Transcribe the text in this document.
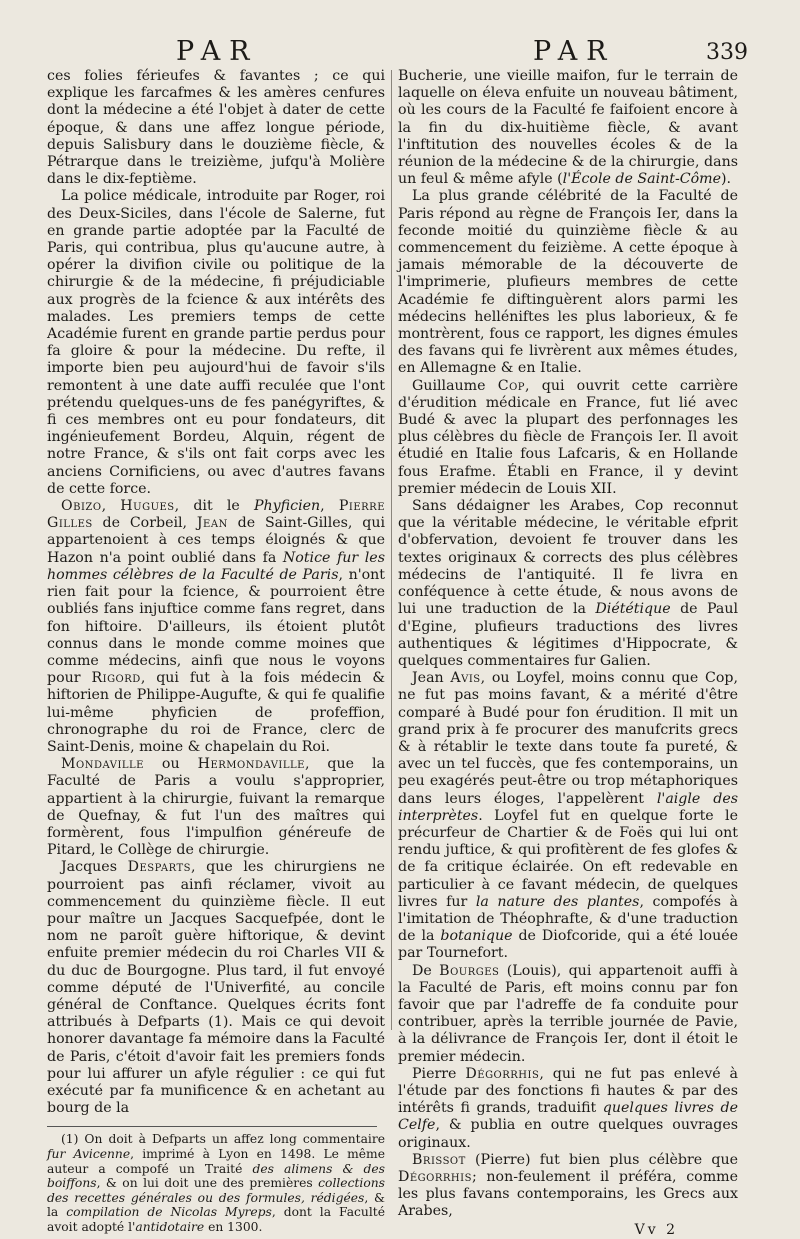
PAR	PAR	339

ces folies férieufes & favantes ; ce qui explique les farcafmes & les amères cenfures dont la médecine a été l'objet à dater de cette époque, & dans une affez longue période, depuis Salisbury dans le douzième fiècle, & Pétrarque dans le treizième, jufqu'à Molière dans le dix-feptième.

La police médicale, introduite par Roger, roi des Deux-Siciles, dans l'école de Salerne, fut en grande partie adoptée par la Faculté de Paris, qui contribua, plus qu'aucune autre, à opérer la divifion civile ou politique de la chirurgie & de la médecine, fi préjudiciable aux progrès de la fcience & aux intérêts des malades. Les premiers temps de cette Académie furent en grande partie perdus pour fa gloire & pour la médecine. Du refte, il importe bien peu aujourd'hui de favoir s'ils remontent à une date auffi reculée que l'ont prétendu quelques-uns de fes panégyriftes, & fi ces membres ont eu pour fondateurs, dit ingénieufement Bordeu, Alquin, régent de notre France, & s'ils ont fait corps avec les anciens Cornificiens, ou avec d'autres favans de cette force.

Obizo, Hugues, dit le Phyficien, Pierre Gilles de Corbeil, Jean de Saint-Gilles, qui appartenoient à ces temps éloignés & que Hazon n'a point oublié dans fa Notice fur les hommes célèbres de la Faculté de Paris, n'ont rien fait pour la fcience, & pourroient être oubliés fans injuftice comme fans regret, dans fon hiftoire. D'ailleurs, ils étoient plutôt connus dans le monde comme moines que comme médecins, ainfi que nous le voyons pour Rigord, qui fut à la fois médecin & hiftorien de Philippe-Augufte, & qui fe qualifie lui-même phyficien de profeffion, chronographe du roi de France, clerc de Saint-Denis, moine & chapelain du Roi.

Mondaville ou Hermondaville, que la Faculté de Paris a voulu s'approprier, appartient à la chirurgie, fuivant la remarque de Quefnay, & fut l'un des maîtres qui formèrent, fous l'impulfion généreufe de Pitard, le Collège de chirurgie.

Jacques Desparts, que les chirurgiens ne pourroient pas ainfi réclamer, vivoit au commencement du quinzième fiècle. Il eut pour maître un Jacques Sacquefpée, dont le nom ne paroît guère hiftorique, & devint enfuite premier médecin du roi Charles VII & du duc de Bourgogne. Plus tard, il fut envoyé comme député de l'Univerfité, au concile général de Conftance. Quelques écrits font attribués à Defparts (1). Mais ce qui devoit honorer davantage fa mémoire dans la Faculté de Paris, c'étoit d'avoir fait les premiers fonds pour lui affurer un afyle régulier : ce qui fut exécuté par fa munificence & en achetant au bourg de la

(1) On doit à Defparts un affez long commentaire fur Avicenne, imprimé à Lyon en 1498. Le même auteur a compofé un Traité des alimens & des boiffons, & on lui doit une des premières collections des recettes générales ou des formules, rédigées, & la compilation de Nicolas Myreps, dont la Faculté avoit adopté l'antidotaire en 1300.

Bucherie, une vieille maifon, fur le terrain de laquelle on éleva enfuite un nouveau bâtiment, où les cours de la Faculté fe faifoient encore à la fin du dix-huitième fiècle, & avant l'inftitution des nouvelles écoles & de la réunion de la médecine & de la chirurgie, dans un feul & même afyle (l'École de Saint-Côme).

La plus grande célébrité de la Faculté de Paris répond au règne de François Ier, dans la feconde moitié du quinzième fiècle & au commencement du feizième. A cette époque à jamais mémorable de la découverte de l'imprimerie, plufieurs membres de cette Académie fe diftinguèrent alors parmi les médecins helléniftes les plus laborieux, & fe montrèrent, fous ce rapport, les dignes émules des favans qui fe livrèrent aux mêmes études, en Allemagne & en Italie.

Guillaume Cop, qui ouvrit cette carrière d'érudition médicale en France, fut lié avec Budé & avec la plupart des perfonnages les plus célèbres du fiècle de François Ier. Il avoit étudié en Italie fous Lafcaris, & en Hollande fous Erafme. Établi en France, il y devint premier médecin de Louis XII.

Sans dédaigner les Arabes, Cop reconnut que la véritable médecine, le véritable efprit d'obfervation, devoient fe trouver dans les textes originaux & corrects des plus célèbres médecins de l'antiquité. Il fe livra en conféquence à cette étude, & nous avons de lui une traduction de la Diététique de Paul d'Egine, plufieurs traductions des livres authentiques & légitimes d'Hippocrate, & quelques commentaires fur Galien.

Jean Avis, ou Loyfel, moins connu que Cop, ne fut pas moins favant, & a mérité d'être comparé à Budé pour fon érudition. Il mit un grand prix à fe procurer des manufcrits grecs & à rétablir le texte dans toute fa pureté, & avec un tel fuccès, que fes contemporains, un peu exagérés peut-être ou trop métaphoriques dans leurs éloges, l'appelèrent l'aigle des interprètes. Loyfel fut en quelque forte le précurfeur de Chartier & de Foës qui lui ont rendu juftice, & qui profitèrent de fes glofes & de fa critique éclairée. On eft redevable en particulier à ce favant médecin, de quelques livres fur la nature des plantes, compofés à l'imitation de Théophrafte, & d'une traduction de la botanique de Diofcoride, qui a été louée par Tournefort.

De Bourges (Louis), qui appartenoit auffi à la Faculté de Paris, eft moins connu par fon favoir que par l'adreffe de fa conduite pour contribuer, après la terrible journée de Pavie, à la délivrance de François Ier, dont il étoit le premier médecin.

Pierre Dégorrhis, qui ne fut pas enlevé à l'étude par des fonctions fi hautes & par des intérêts fi grands, traduifit quelques livres de Celfe, & publia en outre quelques ouvrages originaux.

Brissot (Pierre) fut bien plus célèbre que Dégorrhis; non-feulement il préféra, comme les plus favans contemporains, les Grecs aux Arabes,

Vv 2
